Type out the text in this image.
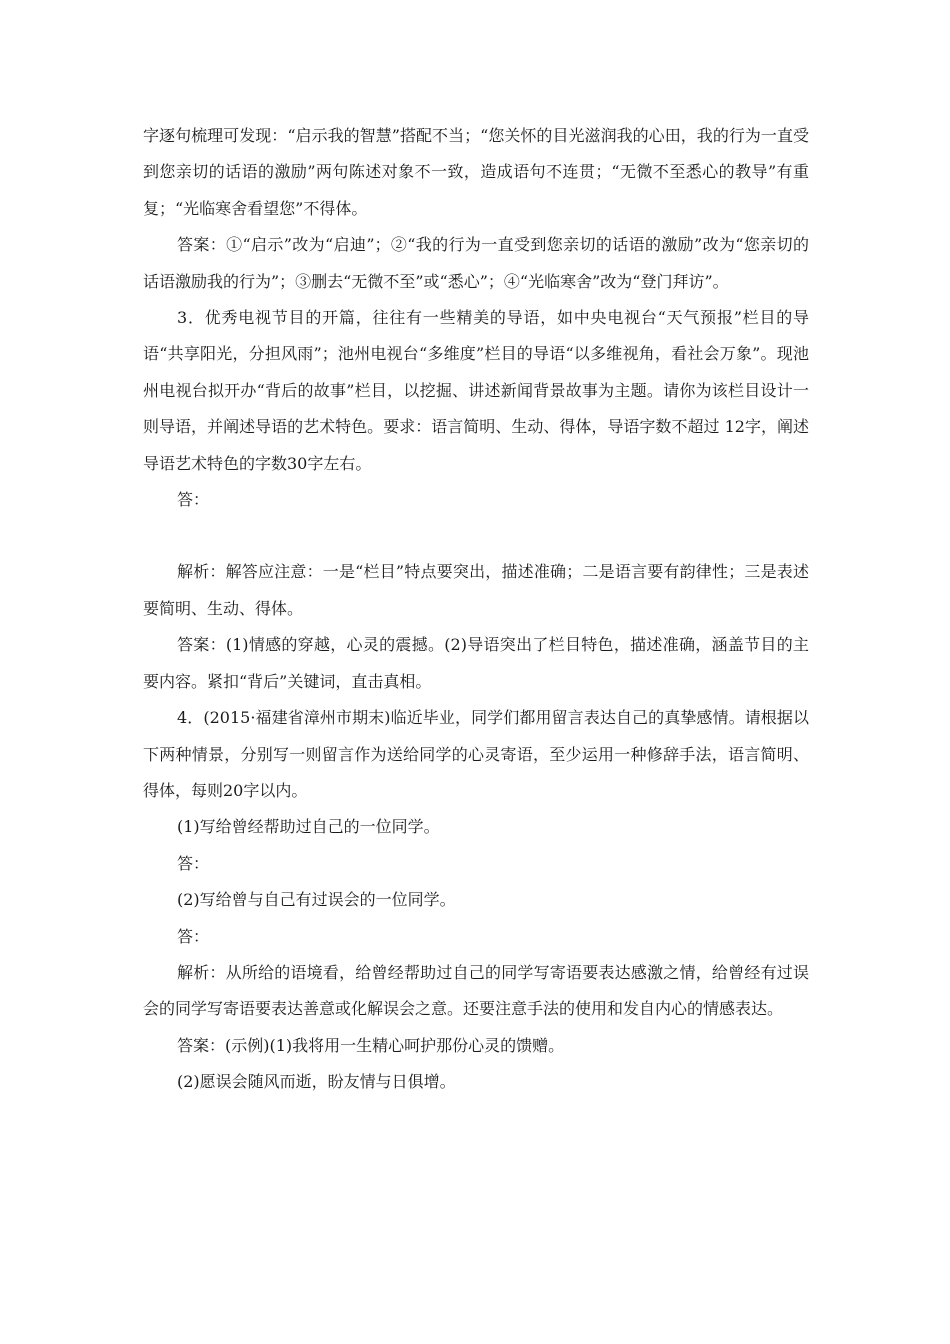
字逐句梳理可发现：“启示我的智慧”搭配不当；“您关怀的目光滋润我的心田，我的行为一直受到您亲切的话语的激励”两句陈述对象不一致，造成语句不连贯；“无微不至悉心的教导”有重复；“光临寒舍看望您”不得体。

答案：①“启示”改为“启迪”；②“我的行为一直受到您亲切的话语的激励”改为“您亲切的话语激励我的行为”；③删去“无微不至”或“悉心”；④“光临寒舍”改为“登门拜访”。

3．优秀电视节目的开篇，往往有一些精美的导语，如中央电视台“天气预报”栏目的导语“共享阳光，分担风雨”；池州电视台“多维度”栏目的导语“以多维视角，看社会万象”。现池州电视台拟开办“背后的故事”栏目，以挖掘、讲述新闻背景故事为主题。请你为该栏目设计一则导语，并阐述导语的艺术特色。要求：语言简明、生动、得体，导语字数不超过 12字，阐述导语艺术特色的字数30字左右。

答：

解析：解答应注意：一是“栏目”特点要突出，描述准确；二是语言要有韵律性；三是表述要简明、生动、得体。

答案：(1)情感的穿越，心灵的震撼。(2)导语突出了栏目特色，描述准确，涵盖节目的主要内容。紧扣“背后”关键词，直击真相。

4．(2015·福建省漳州市期末)临近毕业，同学们都用留言表达自己的真挚感情。请根据以下两种情景，分别写一则留言作为送给同学的心灵寄语，至少运用一种修辞手法，语言简明、得体，每则20字以内。

(1)写给曾经帮助过自己的一位同学。

答：

(2)写给曾与自己有过误会的一位同学。

答：

解析：从所给的语境看，给曾经帮助过自己的同学写寄语要表达感激之情，给曾经有过误会的同学写寄语要表达善意或化解误会之意。还要注意手法的使用和发自内心的情感表达。

答案：(示例)(1)我将用一生精心呵护那份心灵的馈赠。

(2)愿误会随风而逝，盼友情与日俱增。
